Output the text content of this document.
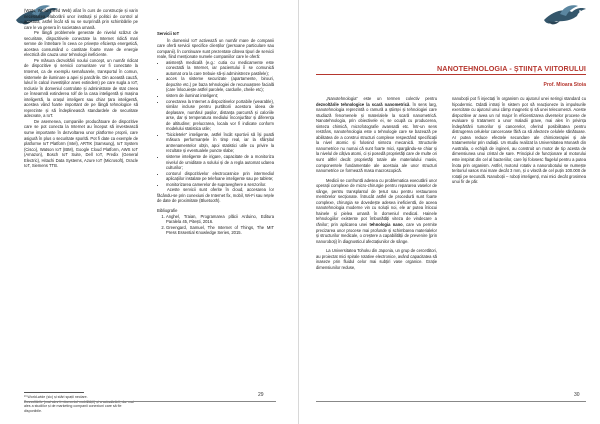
(WSN, World-Sized Web) afiat în curs de construcție și varin necesitatea elaborării unor instituții și politici de control al acestuia, astfel încât să nu se surprindă prin schimbările pe care le va genera în societatea umană.

Pe lângă problemele generate de nivelul scăzut de securitate, dispozitivele conectate la Internet ridică mari semne de întrebare în ceea ce privește eficiența energetică, acestea consumând o cantitate foarte mare de energie electrică din cauza unor tehnologii ineficiente.

Pe măsura dezvoltării noului concept, un număr ridicat de dispozitive și servicii comunitare vor fi conectate la Internet, ca de exemplu semafoarele, transportul în comun, sistemele de iluminare a apei și parcările. Din această cauză, lukul în calcul investițiilor anes extindem) pe care sugla a IoT, Inclusiv în domeniul controlate și administrate de stat creea ce înseamnă extinderea rolf de la casa inteligentă și mașina inteligentă, la orașul inteligent sau chiar țara inteligentă, acestea vând foarte important de pe lângă tehnologice să reprezinte și să îndeplinească standardele de securitate adecvate, a IoT.

De asemenea, companiile producătoare de dispozitive care se pot conecta la Internet au început să investească sume importante în dezvoltarea unor platforme proprii, care asigură în plus o securitate sporită. Pot fi date ca exemple de platforme IoT Platform (Intel), ARTIK (Samsung), IoT System (Cisco), Watson IoT (IBM), Google Cloud Platform, AWS IoT (Amazon), Bosch IoT Suite, Dell IoT, Predix (General Electric), Hitachi Data Systems, Azure IoT (Microsoft), Oracle IoT, Siemens TTB.

¹³ World-wide (sic) și stări spații neclare.

Dezvoltările (mai ales în domeniul mobilității) și a actualizării, dar mai ales a studiilor și de marketing companii conexiuni care să fie disponibile.

Servicii IoT

În domeniul IoT activează un număr mare de companii care oferă servicii specifice clienților (persoane particulare sau companii). În continuare sunt prezentate câteva tipuri de servicii reale, fiind menționate numele companiilor care le oferă:

• asistență medicală (e.g.: cutia cu medicamente este conectată la Internet, iar pacientului îi se comunică automat ora la care trebuie să-și administreze pastilele);
• acces la sisteme securizate (apartamente, birouri, depozite etc.) pe baza tehnologiei de recunoaștere facială (care înlocuiește astfel parolele, cardurile, cheile etc);
• sistem de iluminat inteligent;
• conectarea la Internet a dispozitivelor portabile (wearable), similar incluse pentru purtătorii acestora ideea de deplasare, numărul pașilor, distanța parcursă și caloriile arse, dar și temperatura mediului înconjurător și diferența de altitudine; prelucrarea, locala vor fi indicate conform modelului statistica utile;
• "bicicletele" inteligente, astfel încât sportivii să își poată măsura performanțele în timp real, iar la sfârșitul antrenamentelor obțin, apoi statistici utile cu privire la rezultate și eventualele puncte slabe;
• sisteme inteligente de irigare, capacitate de a monitoriza nivelul de umiditate a solului și de a regla automat udarea culturilor;
• contorul dispozitivelor electrocasnice prin intermediul aplicațiilor instalate pe telefoane inteligente sau pe tablete;
• monitorizarea camerelor de supraveghere a senzorilor.

Aceste servicii sunt oferite în cloud, accesarea lor făcându-se prin conexiuni de Internet fix, mobil, Wi-Fi sau rețele de date de proximitate (Bluetooth).

Bibliografie

1. Anghel, Traian, Programarea plăcii Arduino, Editura Paralela 45, Pitești, 2016.
2. Greengard, Samuel, The Internet of Things, The MIT Press Essential Knowledge Series, 2015.
29
NANOTEHNOLOGIA - ȘTIINȚA VIITORULUI
Prof. Mioara Stoia

„Nanotehnologia” este un termen colectiv pentru dezvoltările tehnologice la scară nanometrică. În sens larg, nanotehnologia reprezintă o ramură a științei și tehnologiei care studiază fenomenele și materialele la scară nanometrică. Nanotehnologia, prin obiectivele ei, se ocupă cu producerea, sinteza chimică, microfotografie avansată etc. Într-un sens restrâns, nanotehnologia este o tehnologie care se bazează pe abilitatea de a construi structuri complexe respectând specificații la nivel atomic și folosind sinteza mecanică. Structurile nanometrice nu numai că sunt foarte mici, spargându-se chiar și la nivelul de câțiva atomi, ci și posedă proprietăți care de multe ori sunt altfel decât proprietăți totale ale materialului masiv, componentele fundamentale ale acestuia ale unor structuri nanometrice ce formează masa macroscopică.

Medicii se confruntă adesea cu problematica executării unor operații complexe de micro-chirurgie pentru repararea vaselor de sânge, pentru transplantul de țesut sau pentru restaurarea membrelor secționate. Întrucât astfel de procedură sunt foarte complexe, chirurgia se dovedește adesea ineficientă, de aceea nanotehnologia moderne vin cu soluții noi, ele ar putea înlocui hainele și pielea umană în domeniul medical. Hainele tehnologiilor existente pot îmbunătăți viteza de vindecare a rănilor; prin aplicarea unei tehnologia nano, care va permite precizarea unor procese mai profunde și schimbarea materialelor și structurilor medicale, o creștere a capabilității de prevenire (prin nanoroboți) în diagnosticul afectațiunilor de sânge.

La Universitatea Tohoku din Japonia, un grup de cercetători, au proiectat mici spirale rotative electronice, având capacitatea să inaseze prin fluidul celor mai subțiri vase organice. Grație dimensiunilor reduse,

nanoboții pot fi injectați în organism cu ajutorul unei seringi standard cu hipodermic. Odată intrați în sistem pot să reacționeze la impulsurile exercitate cu ajutorul unui câmp magnetic și să unei telecomenzi. Aceste dispozitive ar avea un rol major în eficientizarea diverselor procese de evaluare și tratament a unor maladii grave, mai ales în privința îndepărtării tumorilor și cancerelor, oferind posibilitatea pentru distrugerea celulelor canceroase fără ca să afecteze celulele sănătoase. Ar putea reduce efectele secundare ale chimioterapiei și ale tratamentelor prin radiații. Un studiu realizat la Universitatea Monash din Australia, o echipă de ingineri, au construit un motor de tip acesta de dimensiunea unui cristal de sare. Principiul de funcționare al motorului este inspirat din cel al bacteriilor, care își folosesc flagelul pentru a putea înota prin organism. Astfel, motorul rotativ a nanorobotului se numește teritoriul vasos mai mare decât 3 mm, și o viteză de cel puțin 100.000 de rotații pe secundă. Nanoboții – roboți inteligenți, mai mici decât grosimea unui fir de păr.

30
